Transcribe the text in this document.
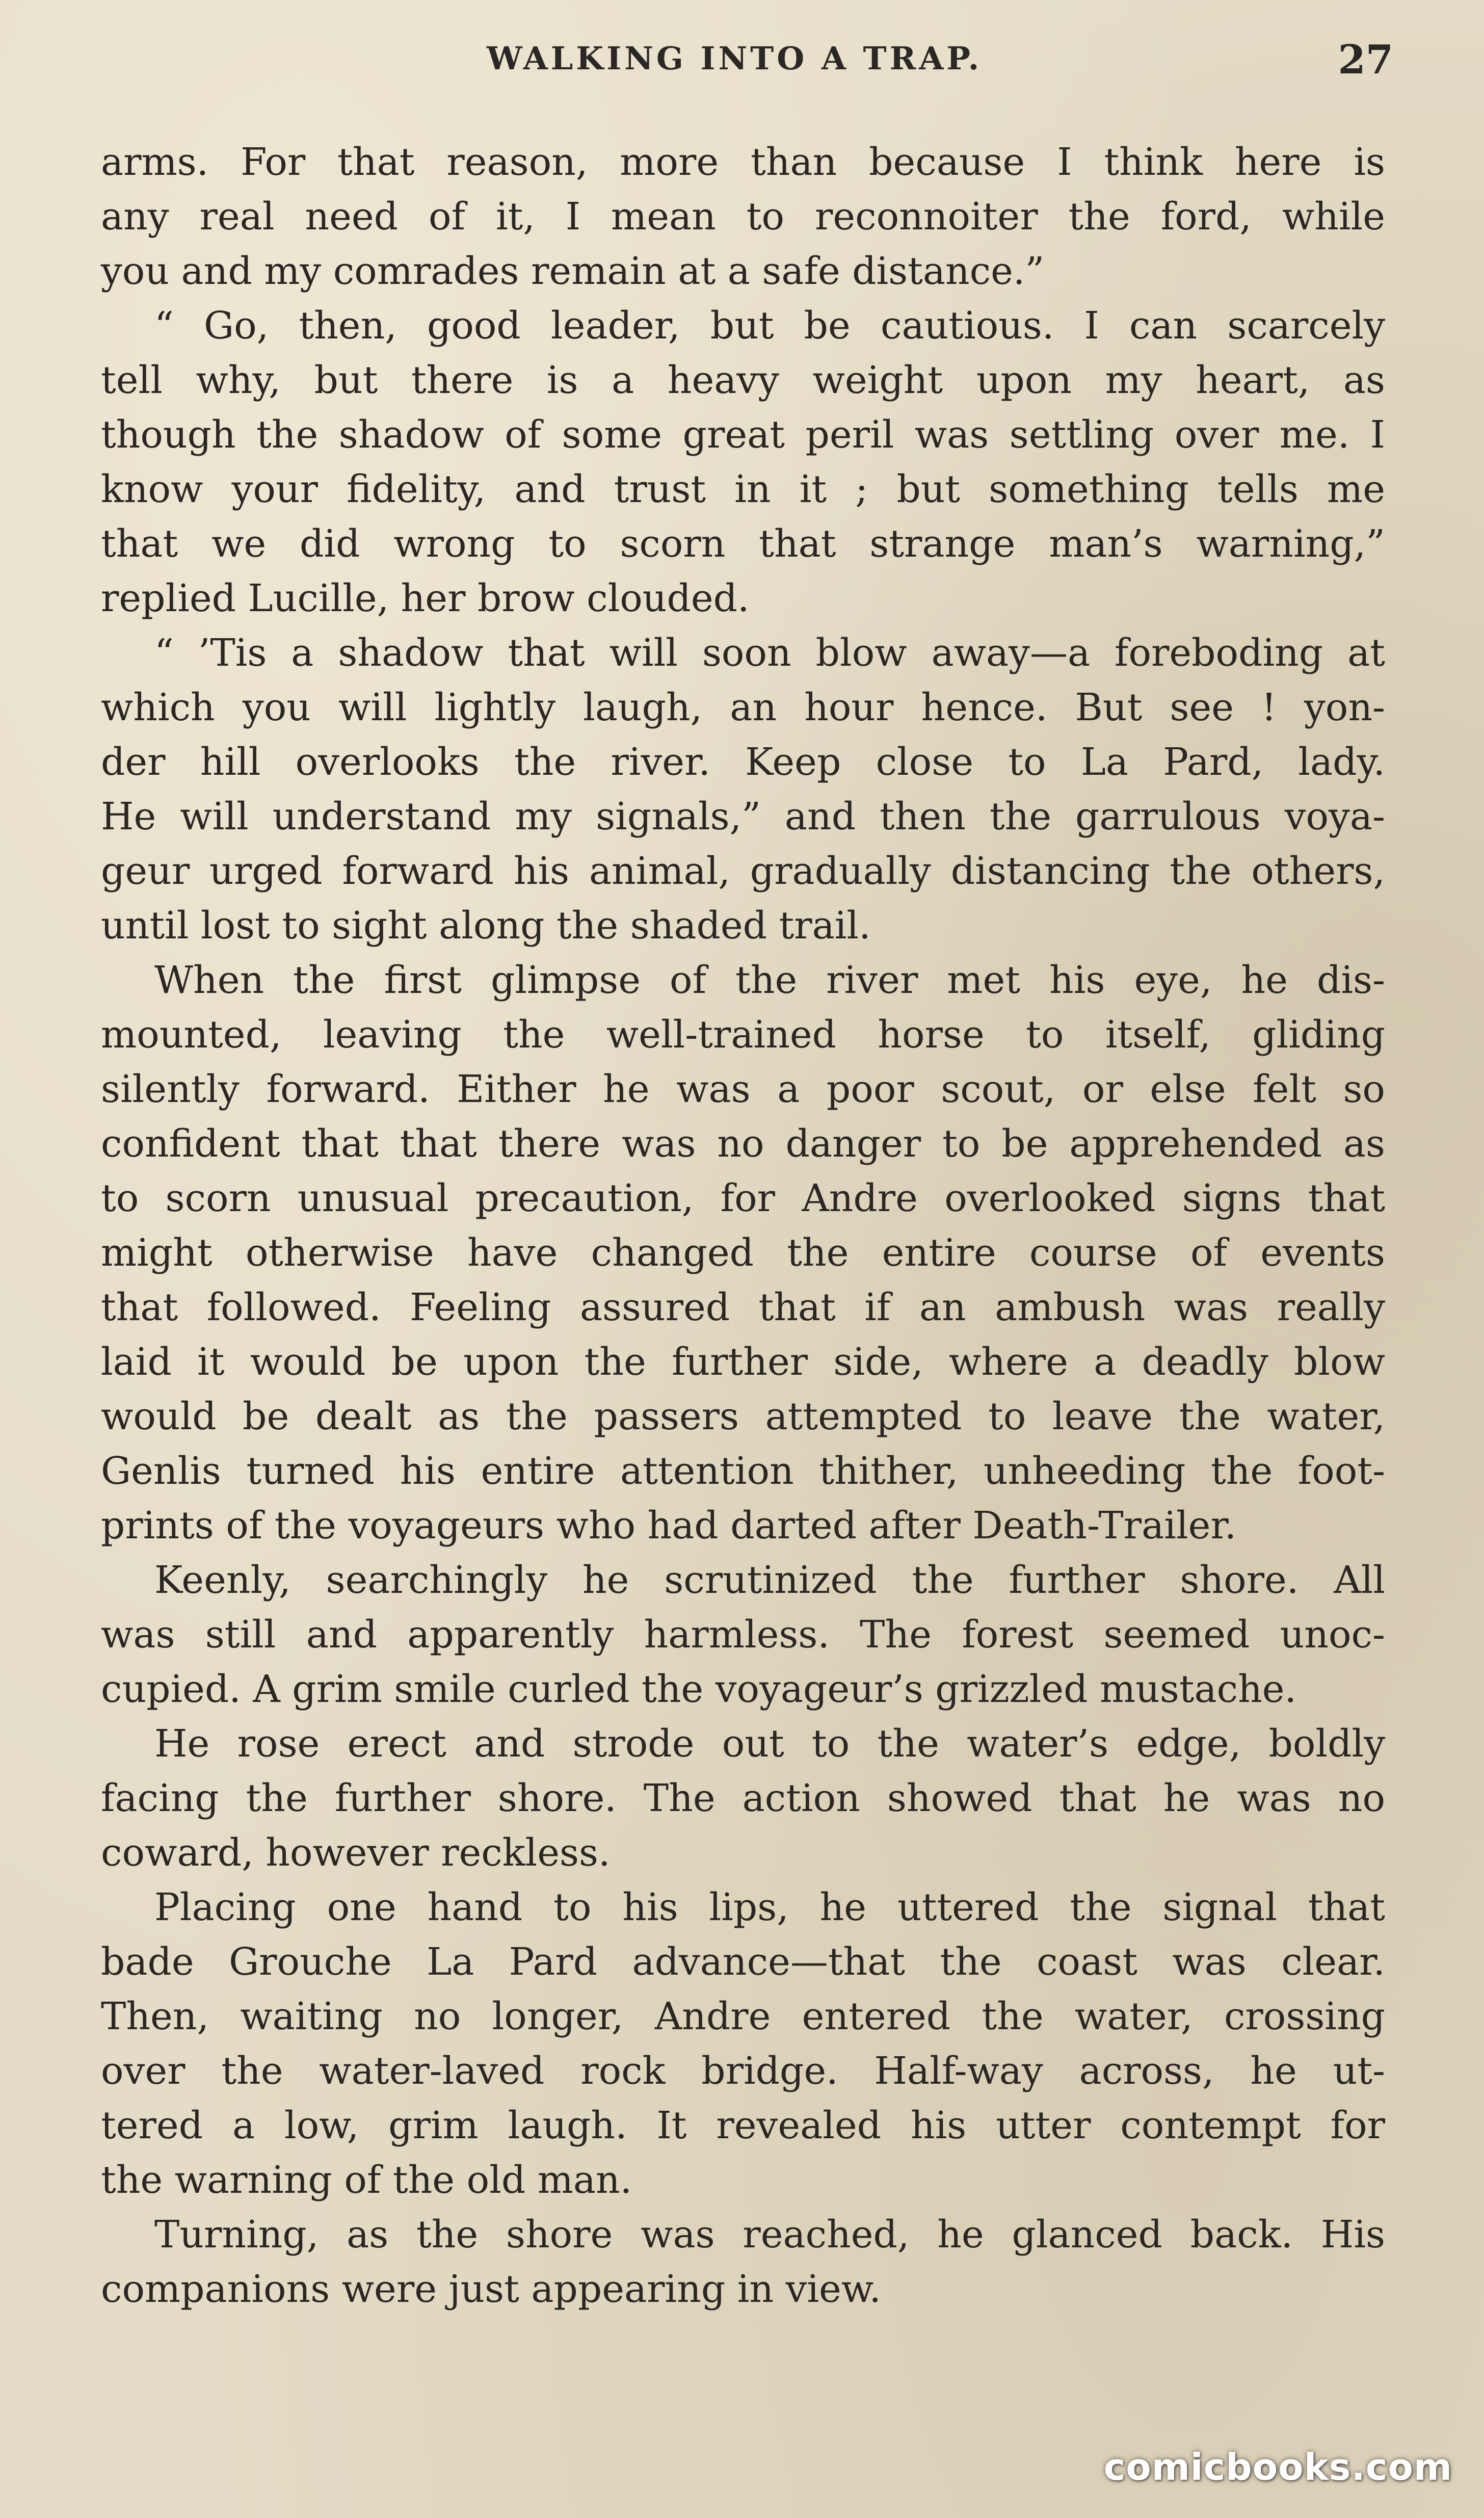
WALKING INTO A TRAP.	27
arms. For that reason, more than because I think here is
any real need of it, I mean to reconnoiter the ford, while
you and my comrades remain at a safe distance.”
“ Go, then, good leader, but be cautious. I can scarcely
tell why, but there is a heavy weight upon my heart, as
though the shadow of some great peril was settling over me. I
know your fidelity, and trust in it ; but something tells me
that we did wrong to scorn that strange man’s warning,”
replied Lucille, her brow clouded.
“ ’Tis a shadow that will soon blow away—a foreboding at
which you will lightly laugh, an hour hence. But see ! yon-
der hill overlooks the river. Keep close to La Pard, lady.
He will understand my signals,” and then the garrulous voya-
geur urged forward his animal, gradually distancing the others,
until lost to sight along the shaded trail.
When the first glimpse of the river met his eye, he dis-
mounted, leaving the well-trained horse to itself, gliding
silently forward. Either he was a poor scout, or else felt so
confident that that there was no danger to be apprehended as
to scorn unusual precaution, for Andre overlooked signs that
might otherwise have changed the entire course of events
that followed. Feeling assured that if an ambush was really
laid it would be upon the further side, where a deadly blow
would be dealt as the passers attempted to leave the water,
Genlis turned his entire attention thither, unheeding the foot-
prints of the voyageurs who had darted after Death-Trailer.
Keenly, searchingly he scrutinized the further shore. All
was still and apparently harmless. The forest seemed unoc-
cupied. A grim smile curled the voyageur’s grizzled mustache.
He rose erect and strode out to the water’s edge, boldly
facing the further shore. The action showed that he was no
coward, however reckless.
Placing one hand to his lips, he uttered the signal that
bade Grouche La Pard advance—that the coast was clear.
Then, waiting no longer, Andre entered the water, crossing
over the water-laved rock bridge. Half-way across, he ut-
tered a low, grim laugh. It revealed his utter contempt for
the warning of the old man.
Turning, as the shore was reached, he glanced back. His
companions were just appearing in view.
comicbooks.com
